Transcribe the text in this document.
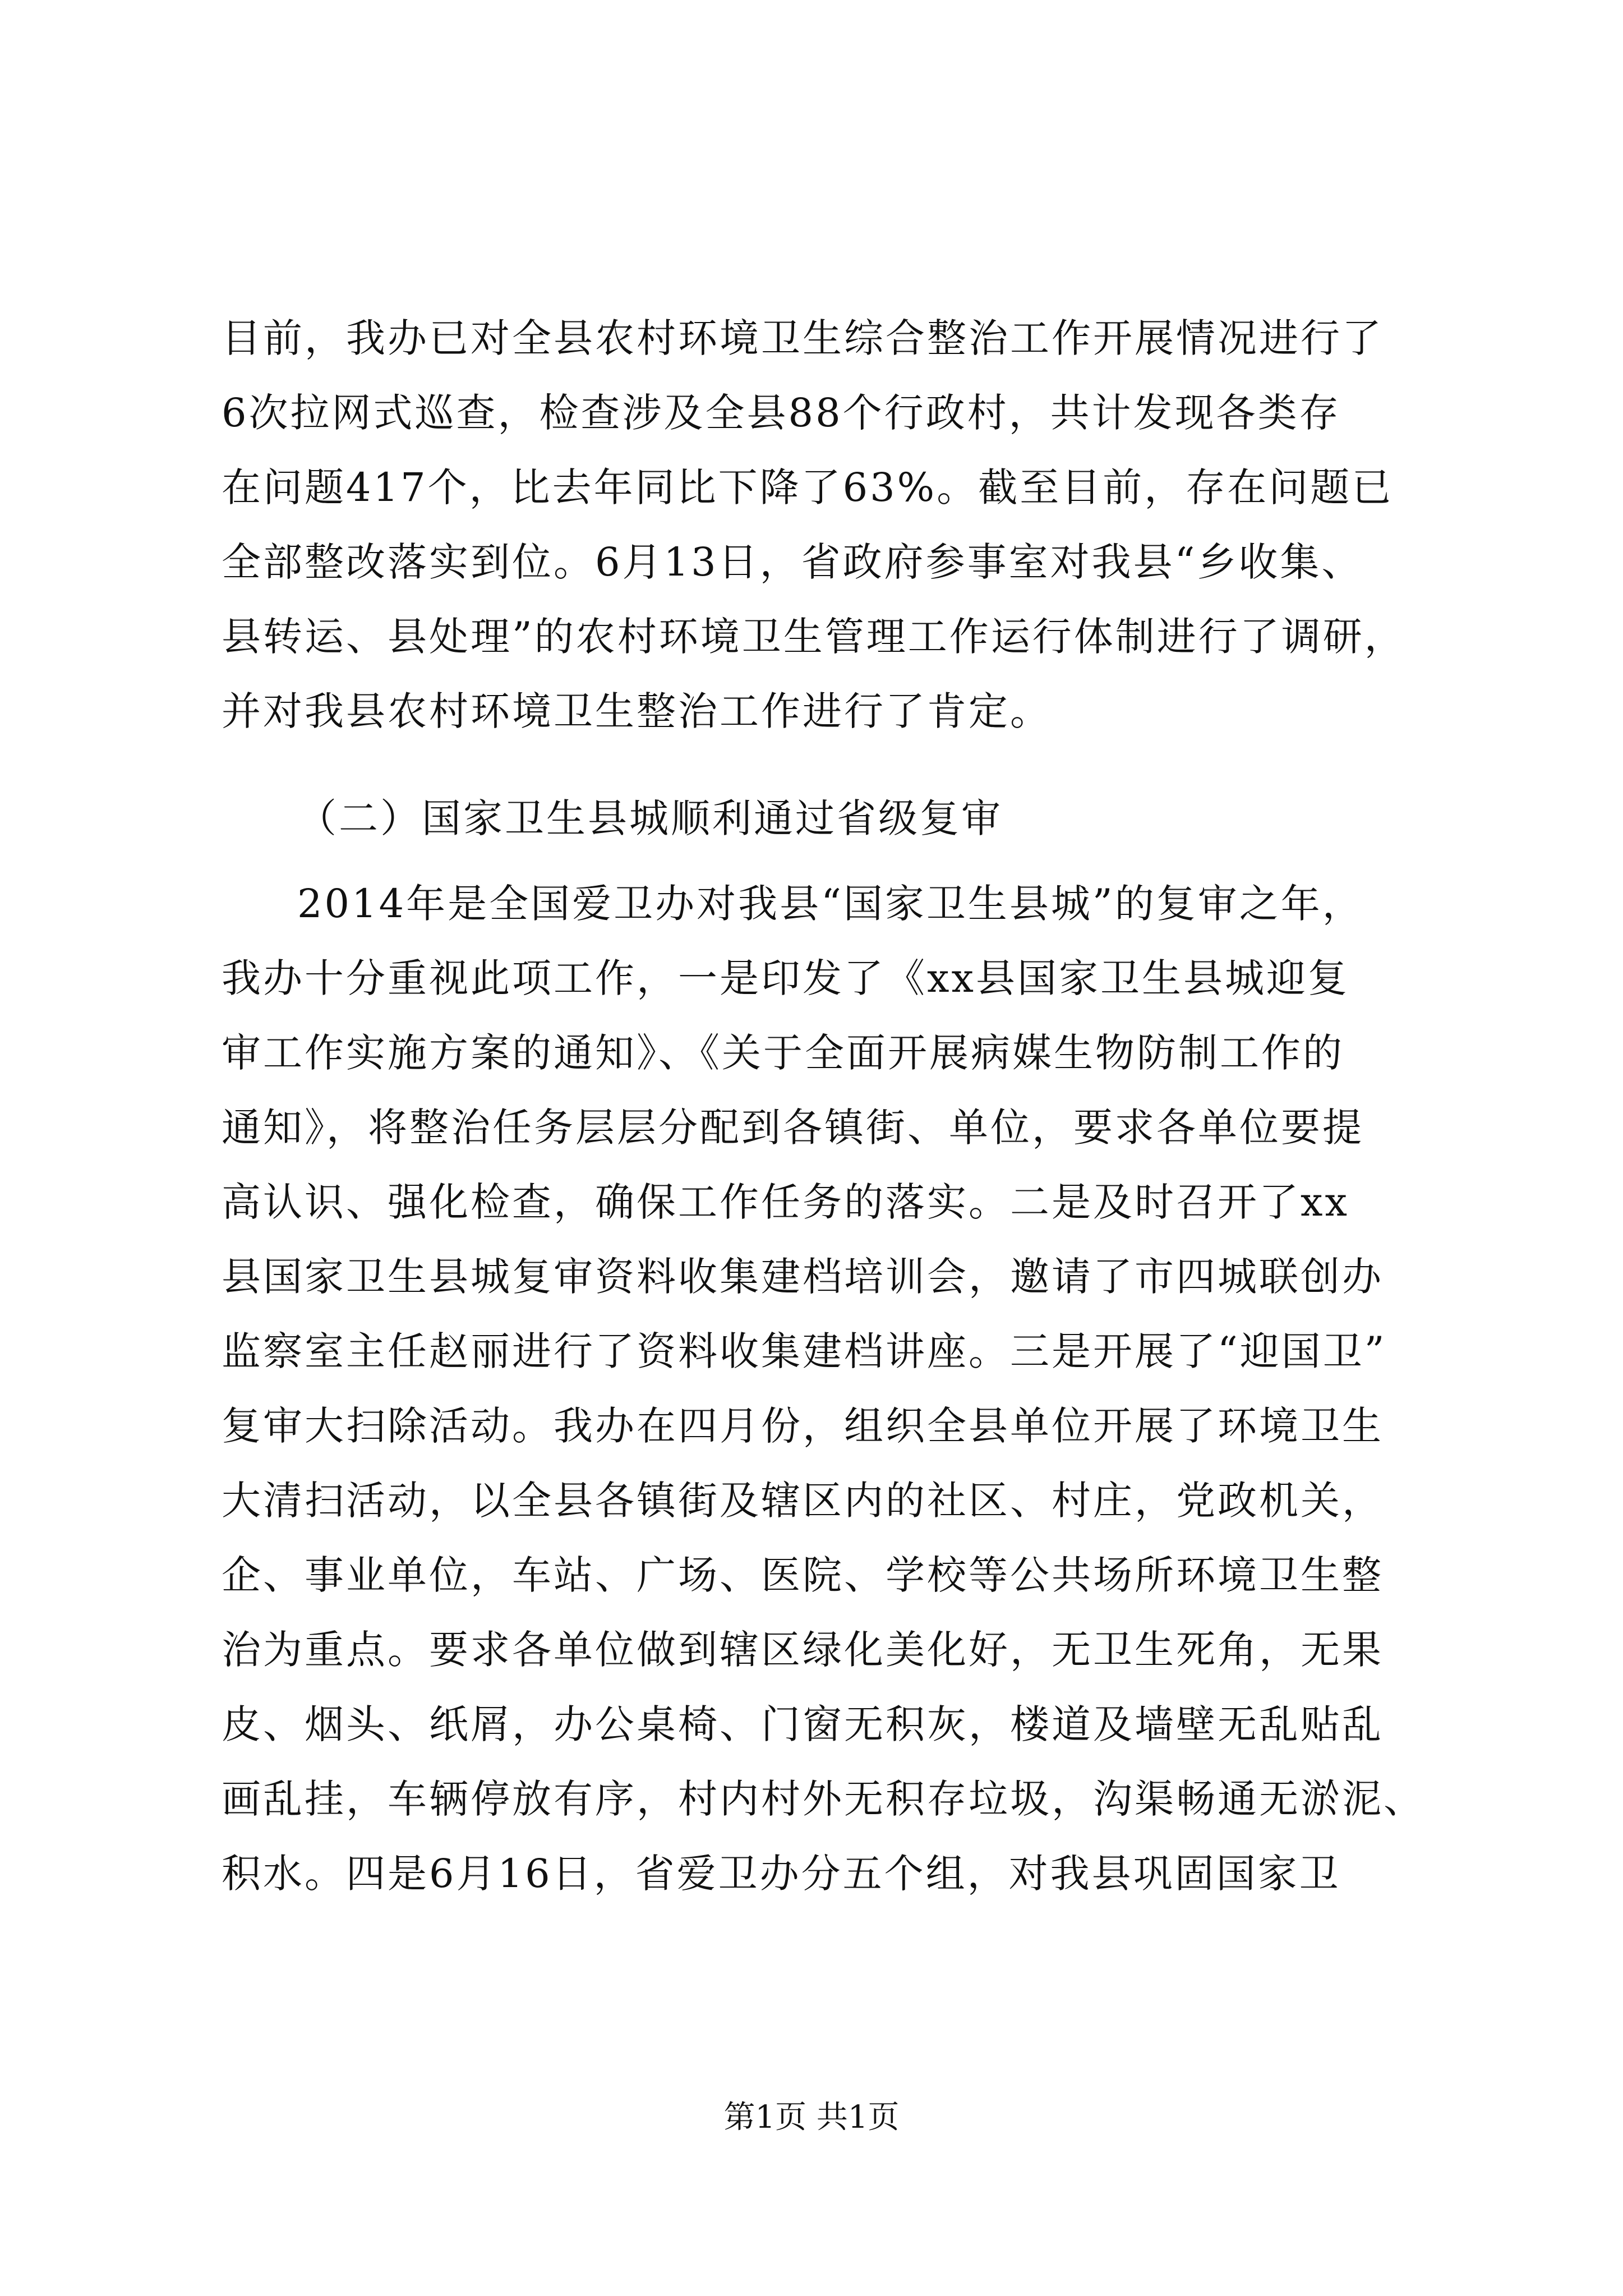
目前，我办已对全县农村环境卫生综合整治工作开展情况进行了
6次拉网式巡查，检查涉及全县88个行政村，共计发现各类存
在问题417个，比去年同比下降了63%。截至目前，存在问题已
全部整改落实到位。6月13日，省政府参事室对我县“乡收集、
县转运、县处理”的农村环境卫生管理工作运行体制进行了调研，
并对我县农村环境卫生整治工作进行了肯定。
（二）国家卫生县城顺利通过省级复审
2014年是全国爱卫办对我县“国家卫生县城”的复审之年，
我办十分重视此项工作，一是印发了《xx县国家卫生县城迎复
审工作实施方案的通知》、《关于全面开展病媒生物防制工作的
通知》，将整治任务层层分配到各镇街、单位，要求各单位要提
高认识、强化检查，确保工作任务的落实。二是及时召开了xx
县国家卫生县城复审资料收集建档培训会，邀请了市四城联创办
监察室主任赵丽进行了资料收集建档讲座。三是开展了“迎国卫”
复审大扫除活动。我办在四月份，组织全县单位开展了环境卫生
大清扫活动，以全县各镇街及辖区内的社区、村庄，党政机关，
企、事业单位，车站、广场、医院、学校等公共场所环境卫生整
治为重点。要求各单位做到辖区绿化美化好，无卫生死角，无果
皮、烟头、纸屑，办公桌椅、门窗无积灰，楼道及墙壁无乱贴乱
画乱挂，车辆停放有序，村内村外无积存垃圾，沟渠畅通无淤泥、
积水。四是6月16日，省爱卫办分五个组，对我县巩固国家卫
第1页 共1页
